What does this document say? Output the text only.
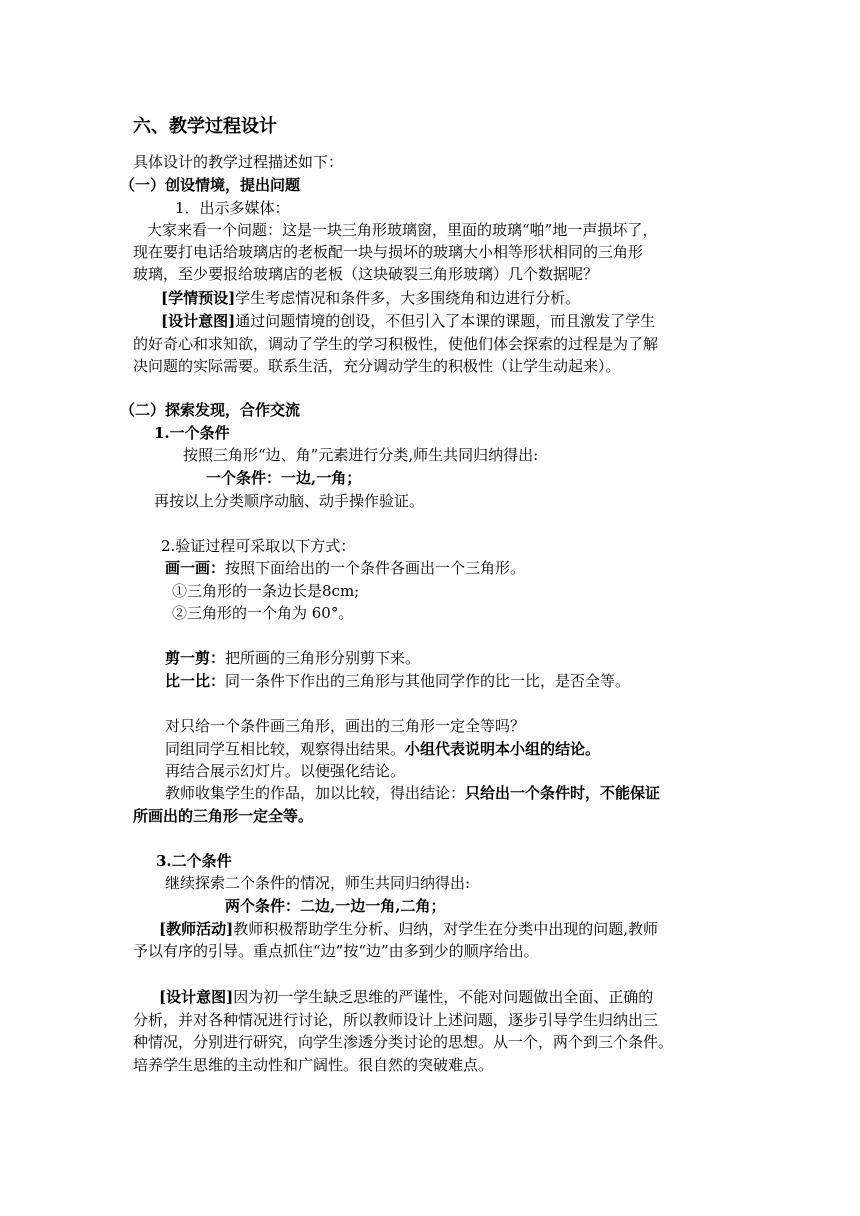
六、教学过程设计
具体设计的教学过程描述如下：
（一）创设情境，提出问题
1．出示多媒体：
大家来看一个问题：这是一块三角形玻璃窗，里面的玻璃“啪”地一声损坏了，
现在要打电话给玻璃店的老板配一块与损坏的玻璃大小相等形状相同的三角形
玻璃，至少要报给玻璃店的老板（这块破裂三角形玻璃）几个数据呢？
[学情预设]学生考虑情况和条件多，大多围绕角和边进行分析。
[设计意图]通过问题情境的创设，不但引入了本课的课题，而且激发了学生
的好奇心和求知欲，调动了学生的学习积极性，使他们体会探索的过程是为了解
决问题的实际需要。联系生活，充分调动学生的积极性（让学生动起来）。
（二）探索发现，合作交流
1.一个条件
按照三角形“边、角”元素进行分类,师生共同归纳得出:
一个条件：一边,一角；
再按以上分类顺序动脑、动手操作验证。
2.验证过程可采取以下方式：
画一画：按照下面给出的一个条件各画出一个三角形。
①三角形的一条边长是8cm;
②三角形的一个角为 60°。
剪一剪：把所画的三角形分别剪下来。
比一比：同一条件下作出的三角形与其他同学作的比一比，是否全等。
对只给一个条件画三角形，画出的三角形一定全等吗？
同组同学互相比较，观察得出结果。小组代表说明本小组的结论。
再结合展示幻灯片。以便强化结论。
教师收集学生的作品，加以比较，得出结论：只给出一个条件时，不能保证
所画出的三角形一定全等。
3.二个条件
继续探索二个条件的情况，师生共同归纳得出:
两个条件：二边,一边一角,二角；
[教师活动]教师积极帮助学生分析、归纳，对学生在分类中出现的问题,教师
予以有序的引导。重点抓住“边”按“边”由多到少的顺序给出。
[设计意图]因为初一学生缺乏思维的严谨性，不能对问题做出全面、正确的
分析，并对各种情况进行讨论，所以教师设计上述问题，逐步引导学生归纳出三
种情况，分别进行研究，向学生渗透分类讨论的思想。从一个，两个到三个条件。
培养学生思维的主动性和广阔性。很自然的突破难点。
